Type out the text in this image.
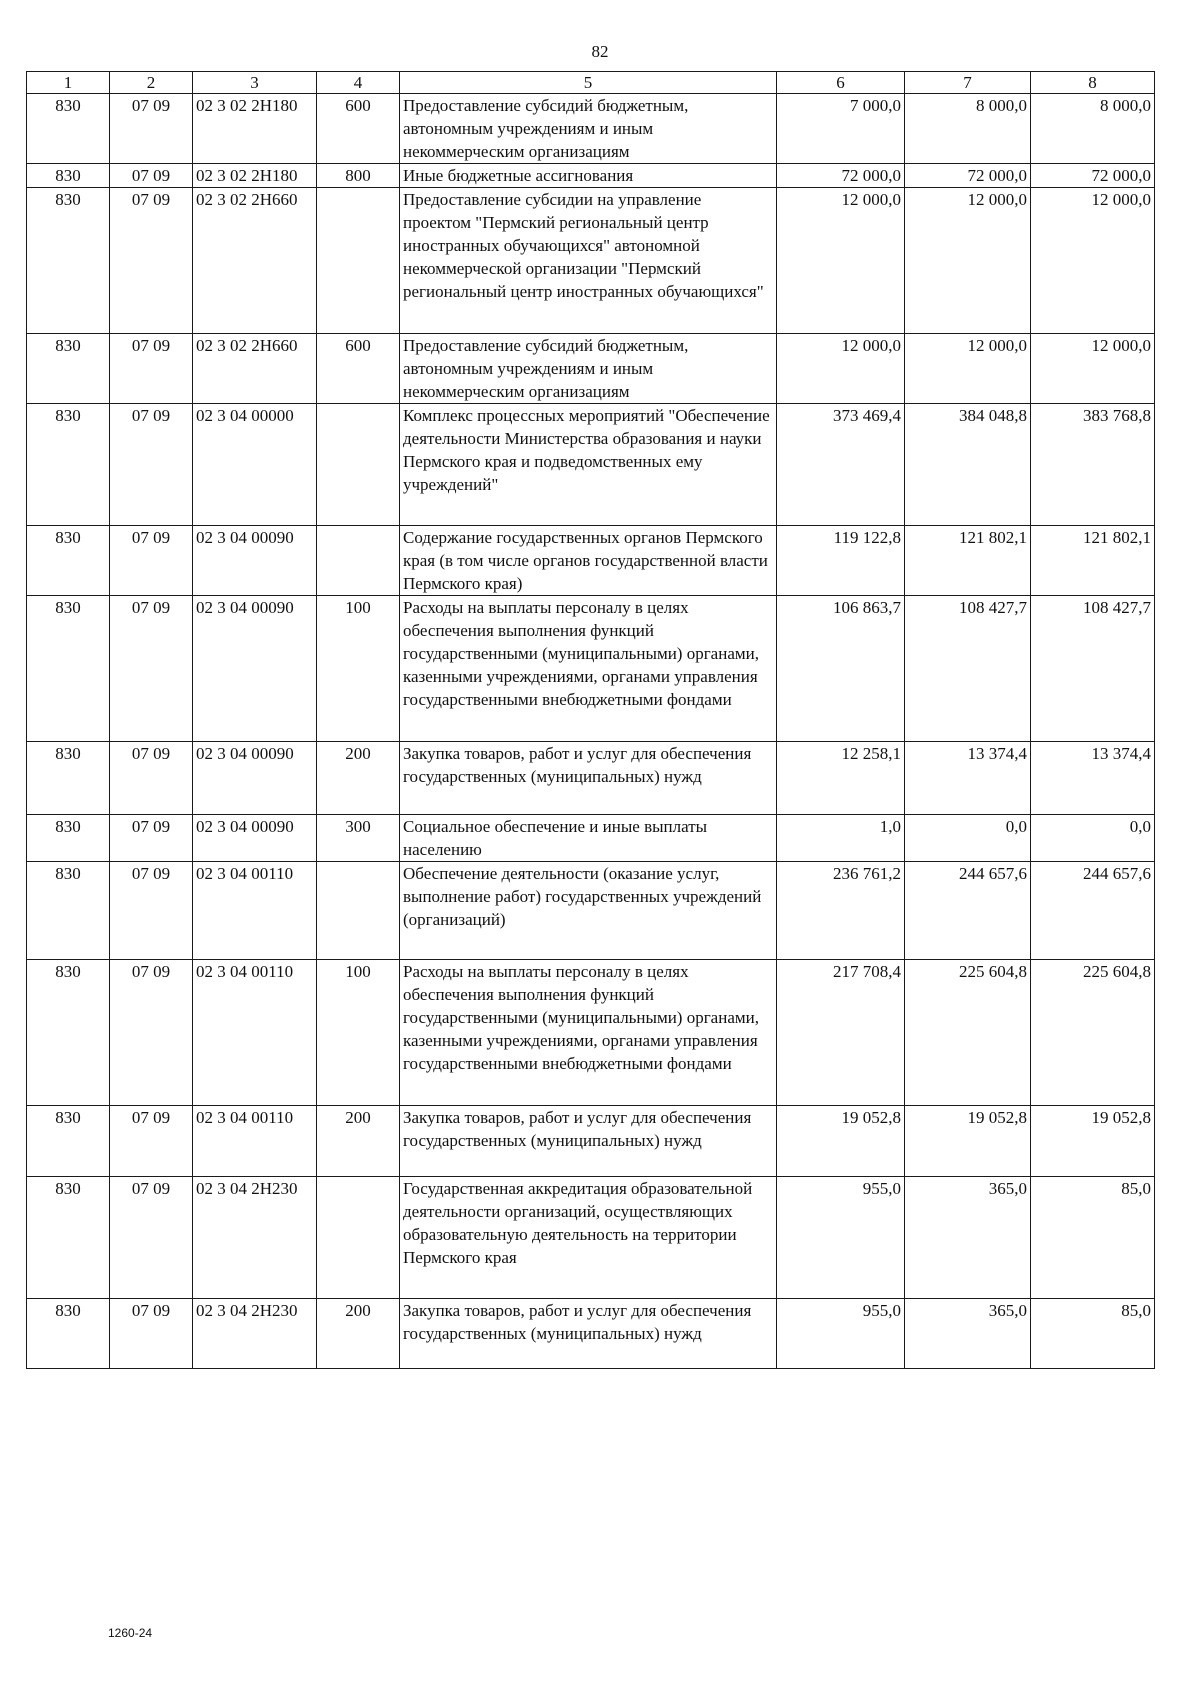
82
1	2	3	4	5	6	7	8
830	07 09	02 3 02 2Н180	600	Предоставление субсидий бюджетным, автономным учреждениям и иным некоммерческим организациям	7 000,0	8 000,0	8 000,0
830	07 09	02 3 02 2Н180	800	Иные бюджетные ассигнования	72 000,0	72 000,0	72 000,0
830	07 09	02 3 02 2Н660		Предоставление субсидии на управление проектом "Пермский региональный центр иностранных обучающихся" автономной некоммерческой организации "Пермский региональный центр иностранных обучающихся"	12 000,0	12 000,0	12 000,0
830	07 09	02 3 02 2Н660	600	Предоставление субсидий бюджетным, автономным учреждениям и иным некоммерческим организациям	12 000,0	12 000,0	12 000,0
830	07 09	02 3 04 00000		Комплекс процессных мероприятий "Обеспечение деятельности Министерства образования и науки Пермского края и подведомственных ему учреждений"	373 469,4	384 048,8	383 768,8
830	07 09	02 3 04 00090		Содержание государственных органов Пермского края (в том числе органов государственной власти Пермского края)	119 122,8	121 802,1	121 802,1
830	07 09	02 3 04 00090	100	Расходы на выплаты персоналу в целях обеспечения выполнения функций государственными (муниципальными) органами, казенными учреждениями, органами управления государственными внебюджетными фондами	106 863,7	108 427,7	108 427,7
830	07 09	02 3 04 00090	200	Закупка товаров, работ и услуг для обеспечения государственных (муниципальных) нужд	12 258,1	13 374,4	13 374,4
830	07 09	02 3 04 00090	300	Социальное обеспечение и иные выплаты населению	1,0	0,0	0,0
830	07 09	02 3 04 00110		Обеспечение деятельности (оказание услуг, выполнение работ) государственных учреждений (организаций)	236 761,2	244 657,6	244 657,6
830	07 09	02 3 04 00110	100	Расходы на выплаты персоналу в целях обеспечения выполнения функций государственными (муниципальными) органами, казенными учреждениями, органами управления государственными внебюджетными фондами	217 708,4	225 604,8	225 604,8
830	07 09	02 3 04 00110	200	Закупка товаров, работ и услуг для обеспечения государственных (муниципальных) нужд	19 052,8	19 052,8	19 052,8
830	07 09	02 3 04 2Н230		Государственная аккредитация образовательной деятельности организаций, осуществляющих образовательную деятельность на территории Пермского края	955,0	365,0	85,0
830	07 09	02 3 04 2Н230	200	Закупка товаров, работ и услуг для обеспечения государственных (муниципальных) нужд	955,0	365,0	85,0
1260-24
